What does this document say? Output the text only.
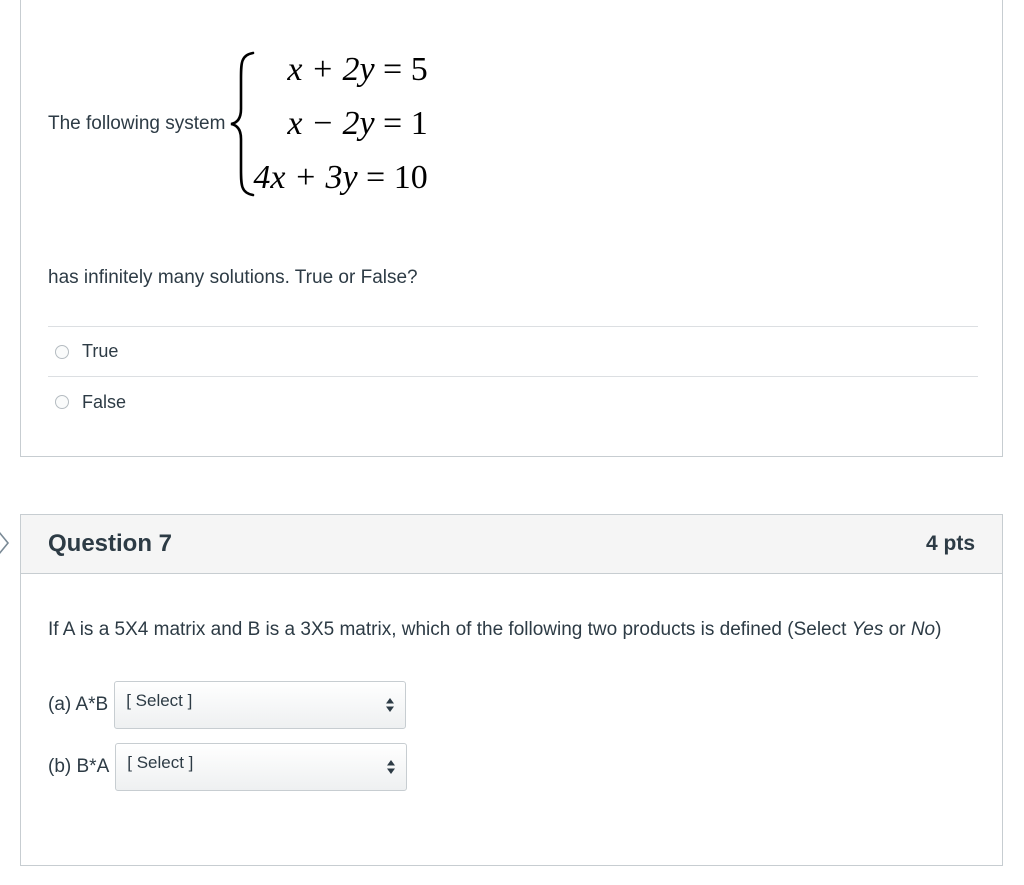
The following system
x + 2y = 5
x − 2y = 1
4x + 3y = 10
has infinitely many solutions. True or False?
True
False
Question 7	4 pts
If A is a 5X4 matrix and B is a 3X5 matrix, which of the following two products is defined (Select Yes or No)
(a) A*B [ Select ]
(b) B*A [ Select ]
